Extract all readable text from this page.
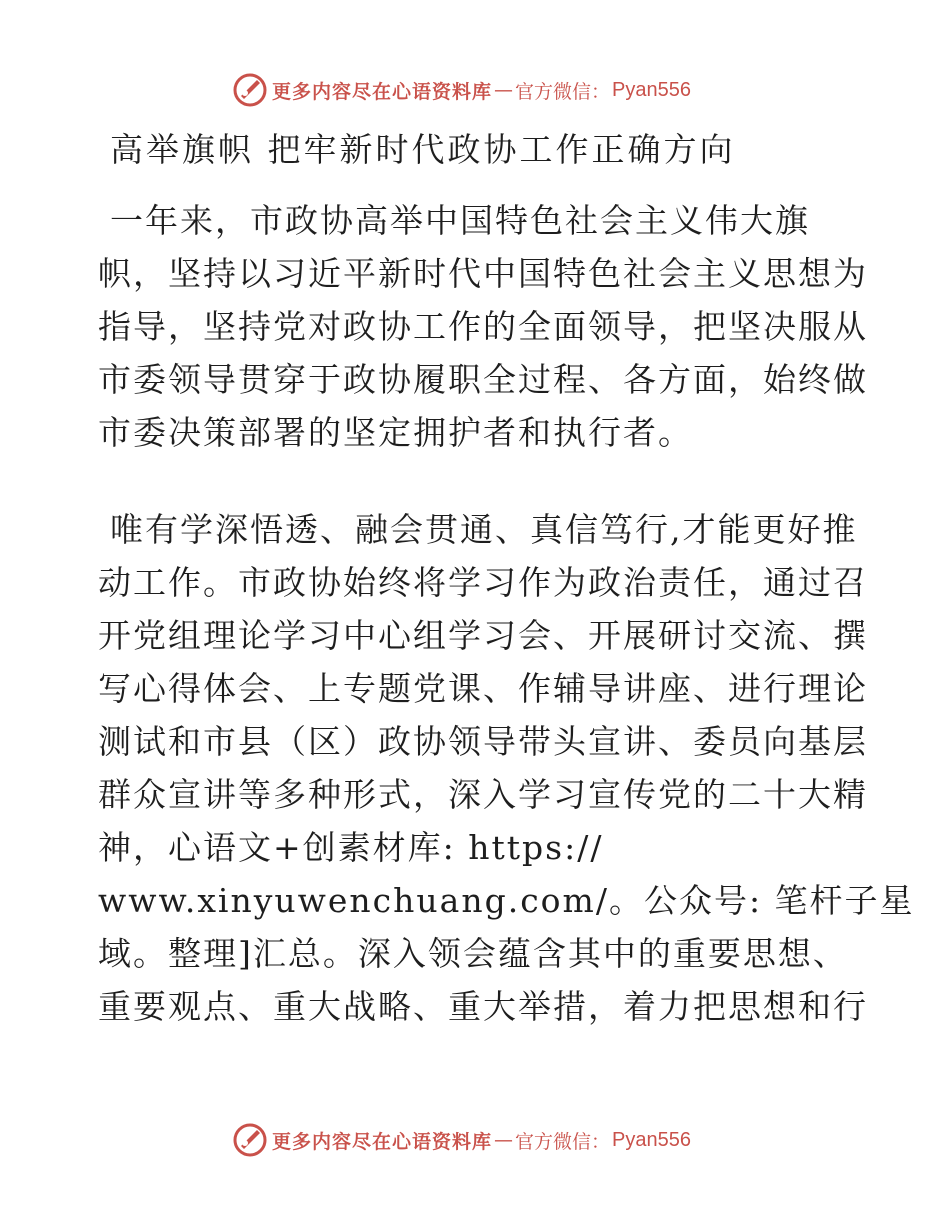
更多内容尽在心语资料库 — 官方微信： Pyan556
高举旗帜 把牢新时代政协工作正确方向

一年来，市政协高举中国特色社会主义伟大旗
帜，坚持以习近平新时代中国特色社会主义思想为
指导，坚持党对政协工作的全面领导，把坚决服从
市委领导贯穿于政协履职全过程、各方面，始终做
市委决策部署的坚定拥护者和执行者。

唯有学深悟透、融会贯通、真信笃行,才能更好推
动工作。市政协始终将学习作为政治责任，通过召
开党组理论学习中心组学习会、开展研讨交流、撰
写心得体会、上专题党课、作辅导讲座、进行理论
测试和市县（区）政协领导带头宣讲、委员向基层
群众宣讲等多种形式，深入学习宣传党的二十大精
神，心语文+创素材库: https://
www.xinyuwenchuang.com/。公众号: 笔杆子星
域。整理]汇总。深入领会蕴含其中的重要思想、
重要观点、重大战略、重大举措，着力把思想和行

更多内容尽在心语资料库 — 官方微信： Pyan556
